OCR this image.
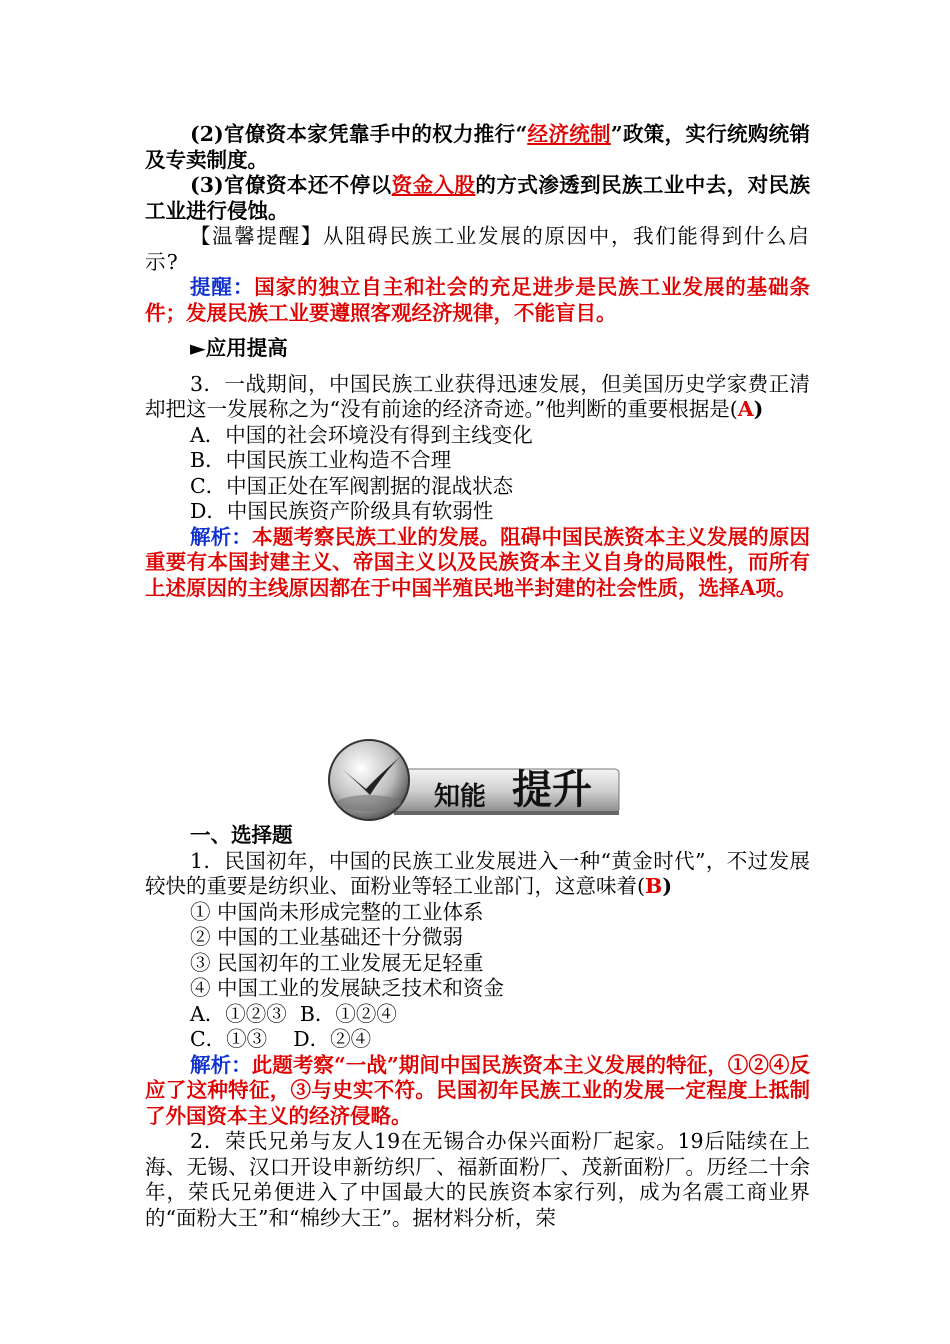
(2)官僚资本家凭靠手中的权力推行“经济统制”政策，实行统购统销及专卖制度。

(3)官僚资本还不停以资金入股的方式渗透到民族工业中去，对民族工业进行侵蚀。

【温馨提醒】从阻碍民族工业发展的原因中，我们能得到什么启示?

提醒：国家的独立自主和社会的充足进步是民族工业发展的基础条件；发展民族工业要遵照客观经济规律，不能盲目。

►应用提高

3．一战期间，中国民族工业获得迅速发展，但美国历史学家费正清却把这一发展称之为“没有前途的经济奇迹。”他判断的重要根据是(A)

A．中国的社会环境没有得到主线变化

B．中国民族工业构造不合理

C．中国正处在军阀割据的混战状态

D．中国民族资产阶级具有软弱性

解析：本题考察民族工业的发展。阻碍中国民族资本主义发展的原因重要有本国封建主义、帝国主义以及民族资本主义自身的局限性，而所有上述原因的主线原因都在于中国半殖民地半封建的社会性质，选择A项。

知能 提升

一、选择题

1．民国初年，中国的民族工业发展进入一种“黄金时代”，不过发展较快的重要是纺织业、面粉业等轻工业部门，这意味着(B)

① 中国尚未形成完整的工业体系

② 中国的工业基础还十分微弱

③ 民国初年的工业发展无足轻重

④ 中国工业的发展缺乏技术和资金

A．①②③  B．①②④

C．①③    D．②④

解析：此题考察“一战”期间中国民族资本主义发展的特征，①②④反应了这种特征，③与史实不符。民国初年民族工业的发展一定程度上抵制了外国资本主义的经济侵略。

2．荣氏兄弟与友人19在无锡合办保兴面粉厂起家。19后陆续在上海、无锡、汉口开设申新纺织厂、福新面粉厂、茂新面粉厂。历经二十余年，荣氏兄弟便进入了中国最大的民族资本家行列，成为名震工商业界的“面粉大王”和“棉纱大王”。据材料分析，荣
